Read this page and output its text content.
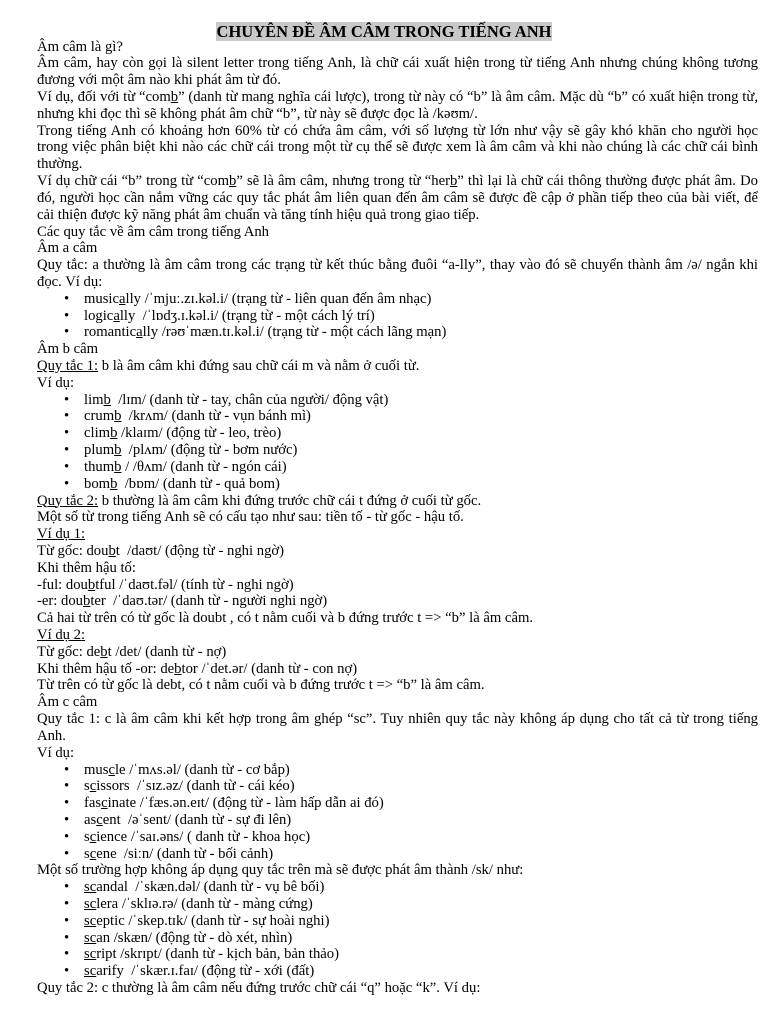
CHUYÊN ĐỀ ÂM CÂM TRONG TIẾNG ANH
Âm câm là gì?
Âm câm, hay còn gọi là silent letter trong tiếng Anh, là chữ cái xuất hiện trong từ tiếng Anh nhưng chúng không tương đương với một âm nào khi phát âm từ đó.
Ví dụ, đối với từ “comb” (danh từ mang nghĩa cái lược), trong từ này có “b” là âm câm. Mặc dù “b” có xuất hiện trong từ, nhưng khi đọc thì sẽ không phát âm chữ “b”, từ này sẽ được đọc là /kəʊm/.
Trong tiếng Anh có khoảng hơn 60% từ có chứa âm câm, với số lượng từ lớn như vậy sẽ gây khó khăn cho người học trong việc phân biệt khi nào các chữ cái trong một từ cụ thể sẽ được xem là âm câm và khi nào chúng là các chữ cái bình thường.
Ví dụ chữ cái “b” trong từ “comb” sẽ là âm câm, nhưng trong từ “herb” thì lại là chữ cái thông thường được phát âm. Do đó, người học cần nắm vững các quy tắc phát âm liên quan đến âm câm sẽ được đề cập ở phần tiếp theo của bài viết, để cải thiện được kỹ năng phát âm chuẩn và tăng tính hiệu quả trong giao tiếp.
Các quy tắc về âm câm trong tiếng Anh
Âm a câm
Quy tắc: a thường là âm câm trong các trạng từ kết thúc bằng đuôi “a-lly”, thay vào đó sẽ chuyển thành âm /ə/ ngắn khi đọc. Ví dụ:
•
musically /ˈmjuː.zɪ.kəl.i/ (trạng từ - liên quan đến âm nhạc)
•
logically  /ˈlɒdʒ.ɪ.kəl.i/ (trạng từ - một cách lý trí)
•
romantically /rəʊˈmæn.tɪ.kəl.i/ (trạng từ - một cách lãng mạn)
Âm b câm
Quy tắc 1: b là âm câm khi đứng sau chữ cái m và nằm ở cuối từ.
Ví dụ:
•
limb  /lɪm/ (danh từ - tay, chân của người/ động vật)
•
crumb  /krʌm/ (danh từ - vụn bánh mì)
•
climb /klaɪm/ (động từ - leo, trèo)
•
plumb  /plʌm/ (động từ - bơm nước)
•
thumb / /θʌm/ (danh từ - ngón cái)
•
bomb  /bɒm/ (danh từ - quả bom)
Quy tắc 2: b thường là âm câm khi đứng trước chữ cái t đứng ở cuối từ gốc.
Một số từ trong tiếng Anh sẽ có cấu tạo như sau: tiền tố - từ gốc - hậu tố.
Ví dụ 1:
Từ gốc: doubt  /daʊt/ (động từ - nghi ngờ)
Khi thêm hậu tố:
-ful: doubtful /ˈdaʊt.fəl/ (tính từ - nghi ngờ)
-er: doubter  /ˈdaʊ.tər/ (danh từ - người nghi ngờ)
Cả hai từ trên có từ gốc là doubt , có t nằm cuối và b đứng trước t => “b” là âm câm.
Ví dụ 2:
Từ gốc: debt /det/ (danh từ - nợ)
Khi thêm hậu tố -or: debtor /ˈdet.ər/ (danh từ - con nợ)
Từ trên có từ gốc là debt, có t nằm cuối và b đứng trước t => “b” là âm câm.
Âm c câm
Quy tắc 1: c là âm câm khi kết hợp trong âm ghép “sc”. Tuy nhiên quy tắc này không áp dụng cho tất cả từ trong tiếng Anh.
Ví dụ:
•
muscle /ˈmʌs.əl/ (danh từ - cơ bắp)
•
scissors  /ˈsɪz.əz/ (danh từ - cái kéo)
•
fascinate /ˈfæs.ən.eɪt/ (động từ - làm hấp dẫn ai đó)
•
ascent  /əˈsent/ (danh từ - sự đi lên)
•
science /ˈsaɪ.əns/ ( danh từ - khoa học)
•
scene  /siːn/ (danh từ - bối cảnh)
Một số trường hợp không áp dụng quy tắc trên mà sẽ được phát âm thành /sk/ như:
•
scandal  /ˈskæn.dəl/ (danh từ - vụ bê bối)
•
sclera /ˈsklɪə.rə/ (danh từ - màng cứng)
•
sceptic /ˈskep.tɪk/ (danh từ - sự hoài nghi)
•
scan /skæn/ (động từ - dò xét, nhìn)
•
script /skrɪpt/ (danh từ - kịch bản, bản thảo)
•
scarify  /ˈskær.ɪ.faɪ/ (động từ - xới (đất)
Quy tắc 2: c thường là âm câm nếu đứng trước chữ cái “q” hoặc “k”. Ví dụ:
